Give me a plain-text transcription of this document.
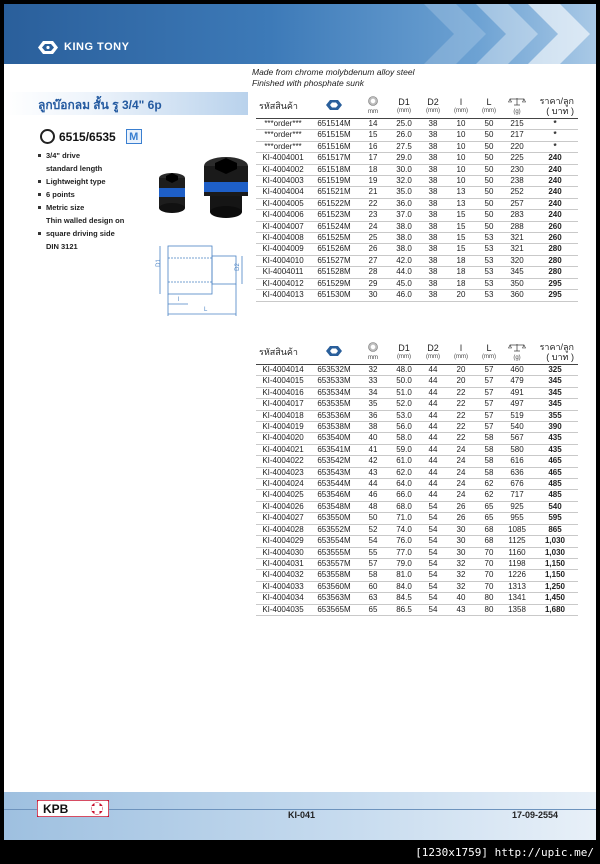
KING TONY
Made from chrome molybdenum alloy steel
Finished with phosphate sunk
ลูกบ๊อกลม สั้น รู 3/4" 6p
6515/6535	M
3/4" drive
standard length
Lightweight type
6 points
Metric size
Thin walled design on
square driving side
DIN 3121
D1
D2
l
L
รหัสสินค้า		mm	D1
(mm)	D2
(mm)	l
(mm)	L
(mm)	(g)	ราคา/ลูก
( บาท )

***order***	651514M	14	25.0	38	10	50	215	*
***order***	651515M	15	26.0	38	10	50	217	*
***order***	651516M	16	27.5	38	10	50	220	*
KI-4004001	651517M	17	29.0	38	10	50	225	240
KI-4004002	651518M	18	30.0	38	10	50	230	240
KI-4004003	651519M	19	32.0	38	10	50	238	240
KI-4004004	651521M	21	35.0	38	13	50	252	240
KI-4004005	651522M	22	36.0	38	13	50	257	240
KI-4004006	651523M	23	37.0	38	15	50	283	240
KI-4004007	651524M	24	38.0	38	15	50	288	260
KI-4004008	651525M	25	38.0	38	15	53	321	260
KI-4004009	651526M	26	38.0	38	15	53	321	280
KI-4004010	651527M	27	42.0	38	18	53	320	280
KI-4004011	651528M	28	44.0	38	18	53	345	280
KI-4004012	651529M	29	45.0	38	18	53	350	295
KI-4004013	651530M	30	46.0	38	20	53	360	295
รหัสสินค้า		mm	D1
(mm)	D2
(mm)	l
(mm)	L
(mm)	(g)	ราคา/ลูก
( บาท )

KI-4004014	653532M	32	48.0	44	20	57	460	325
KI-4004015	653533M	33	50.0	44	20	57	479	345
KI-4004016	653534M	34	51.0	44	22	57	491	345
KI-4004017	653535M	35	52.0	44	22	57	497	345
KI-4004018	653536M	36	53.0	44	22	57	519	355
KI-4004019	653538M	38	56.0	44	22	57	540	390
KI-4004020	653540M	40	58.0	44	22	58	567	435
KI-4004021	653541M	41	59.0	44	24	58	580	435
KI-4004022	653542M	42	61.0	44	24	58	616	465
KI-4004023	653543M	43	62.0	44	24	58	636	465
KI-4004024	653544M	44	64.0	44	24	62	676	485
KI-4004025	653546M	46	66.0	44	24	62	717	485
KI-4004026	653548M	48	68.0	54	26	65	925	540
KI-4004027	653550M	50	71.0	54	26	65	955	595
KI-4004028	653552M	52	74.0	54	30	68	1085	865
KI-4004029	653554M	54	76.0	54	30	68	1125	1,030
KI-4004030	653555M	55	77.0	54	30	70	1160	1,030
KI-4004031	653557M	57	79.0	54	32	70	1198	1,150
KI-4004032	653558M	58	81.0	54	32	70	1226	1,150
KI-4004033	653560M	60	84.0	54	32	70	1313	1,250
KI-4004034	653563M	63	84.5	54	40	80	1341	1,450
KI-4004035	653565M	65	86.5	54	43	80	1358	1,680
KPB	KI-041	17-09-2554
[1230x1759] http://upic.me/
